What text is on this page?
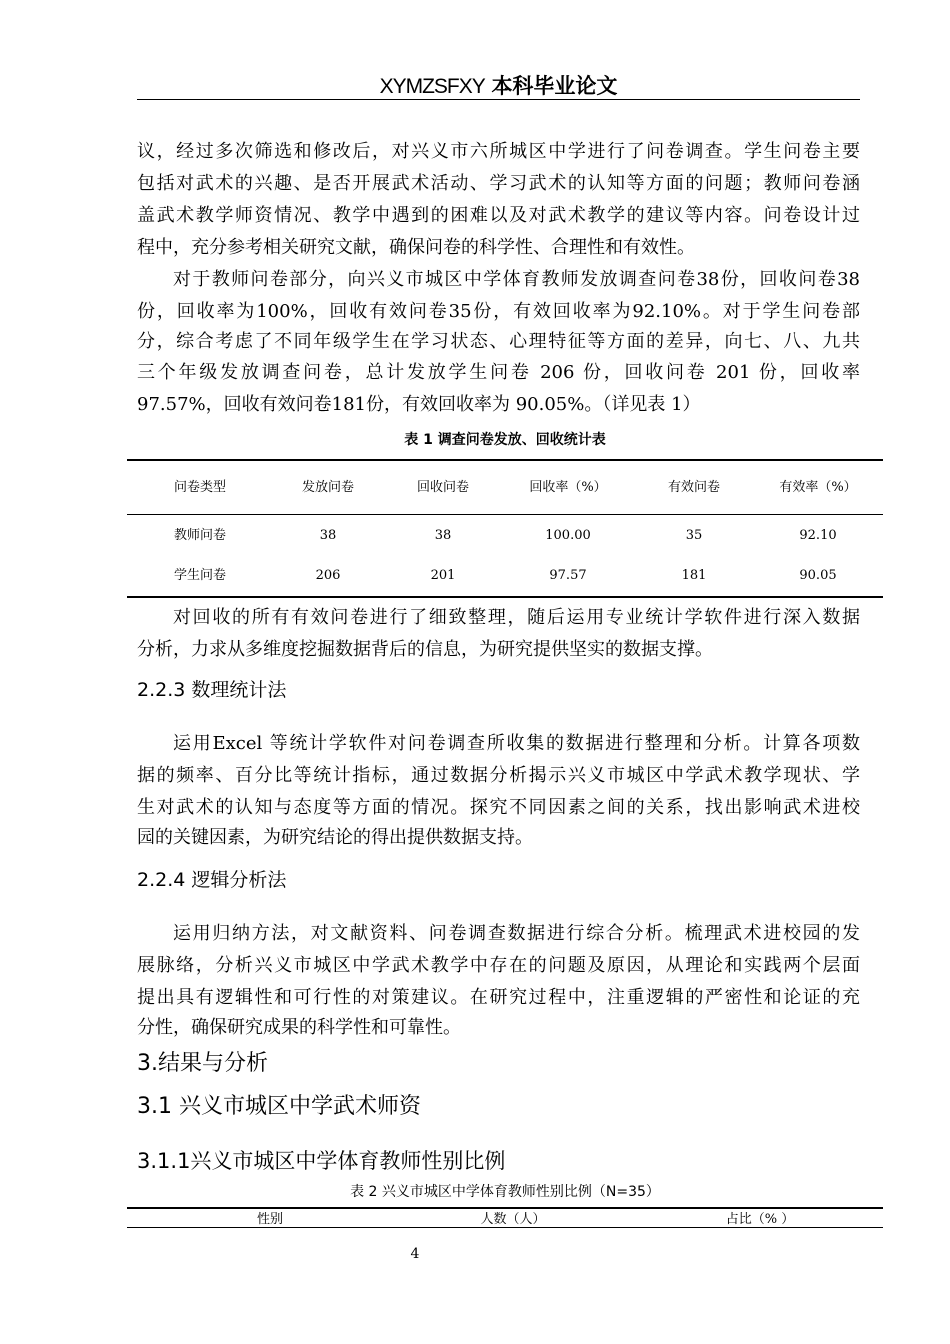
XYMZSFXY 本科毕业论文
议，经过多次筛选和修改后，对兴义市六所城区中学进行了问卷调查。学生问卷主要
包括对武术的兴趣、是否开展武术活动、学习武术的认知等方面的问题；教师问卷涵
盖武术教学师资情况、教学中遇到的困难以及对武术教学的建议等内容。问卷设计过
程中，充分参考相关研究文献，确保问卷的科学性、合理性和有效性。
对于教师问卷部分，向兴义市城区中学体育教师发放调查问卷38份，回收问卷38
份，回收率为100%，回收有效问卷35份，有效回收率为92.10%。对于学生问卷部
分，综合考虑了不同年级学生在学习状态、心理特征等方面的差异，向七、八、九共
三个年级发放调查问卷，总计发放学生问卷 206 份，回收问卷 201 份，回收率
97.57%，回收有效问卷181份，有效回收率为 90.05%。（详见表 1）
表 1 调查问卷发放、回收统计表
问卷类型	发放问卷	回收问卷	回收率（%）	有效问卷	有效率（%）
教师问卷	38	38	100.00	35	92.10
学生问卷	206	201	97.57	181	90.05
对回收的所有有效问卷进行了细致整理，随后运用专业统计学软件进行深入数据
分析，力求从多维度挖掘数据背后的信息，为研究提供坚实的数据支撑。
2.2.3 数理统计法
运用Excel 等统计学软件对问卷调查所收集的数据进行整理和分析。计算各项数
据的频率、百分比等统计指标，通过数据分析揭示兴义市城区中学武术教学现状、学
生对武术的认知与态度等方面的情况。探究不同因素之间的关系，找出影响武术进校
园的关键因素，为研究结论的得出提供数据支持。
2.2.4 逻辑分析法
运用归纳方法，对文献资料、问卷调查数据进行综合分析。梳理武术进校园的发
展脉络，分析兴义市城区中学武术教学中存在的问题及原因，从理论和实践两个层面
提出具有逻辑性和可行性的对策建议。在研究过程中，注重逻辑的严密性和论证的充
分性，确保研究成果的科学性和可靠性。
3.结果与分析
3.1 兴义市城区中学武术师资
3.1.1兴义市城区中学体育教师性别比例
表 2 兴义市城区中学体育教师性别比例（N=35）
性别	人数（人）	占比（% ）
4
